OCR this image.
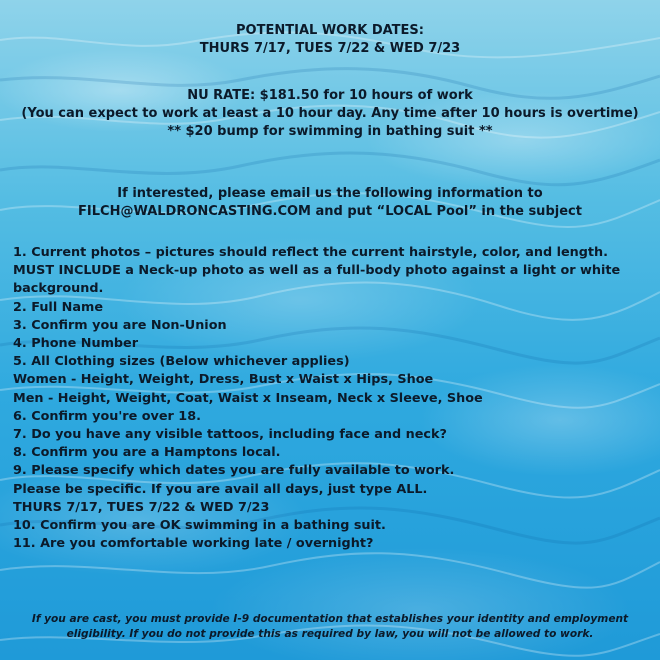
POTENTIAL WORK DATES:
THURS 7/17, TUES 7/22 & WED 7/23
NU RATE: $181.50 for 10 hours of work
(You can expect to work at least a 10 hour day. Any time after 10 hours is overtime)
** $20 bump for swimming in bathing suit **
If interested, please email us the following information to
FILCH@WALDRONCASTING.COM and put “LOCAL Pool” in the subject
1. Current photos – pictures should reflect the current hairstyle, color, and length.
MUST INCLUDE a Neck-up photo as well as a full-body photo against a light or white background.
2. Full Name
3. Confirm you are Non-Union
4. Phone Number
5. All Clothing sizes (Below whichever applies)
Women - Height, Weight, Dress, Bust x Waist x Hips, Shoe
Men - Height, Weight, Coat, Waist x Inseam, Neck x Sleeve, Shoe
6. Confirm you're over 18.
7. Do you have any visible tattoos, including face and neck?
8. Confirm you are a Hamptons local.
9. Please specify which dates you are fully available to work.
Please be specific. If you are avail all days, just type ALL.
THURS 7/17, TUES 7/22 & WED 7/23
10. Confirm you are OK swimming in a bathing suit.
11. Are you comfortable working late / overnight?
If you are cast, you must provide I-9 documentation that establishes your identity and employment
eligibility. If you do not provide this as required by law, you will not be allowed to work.
